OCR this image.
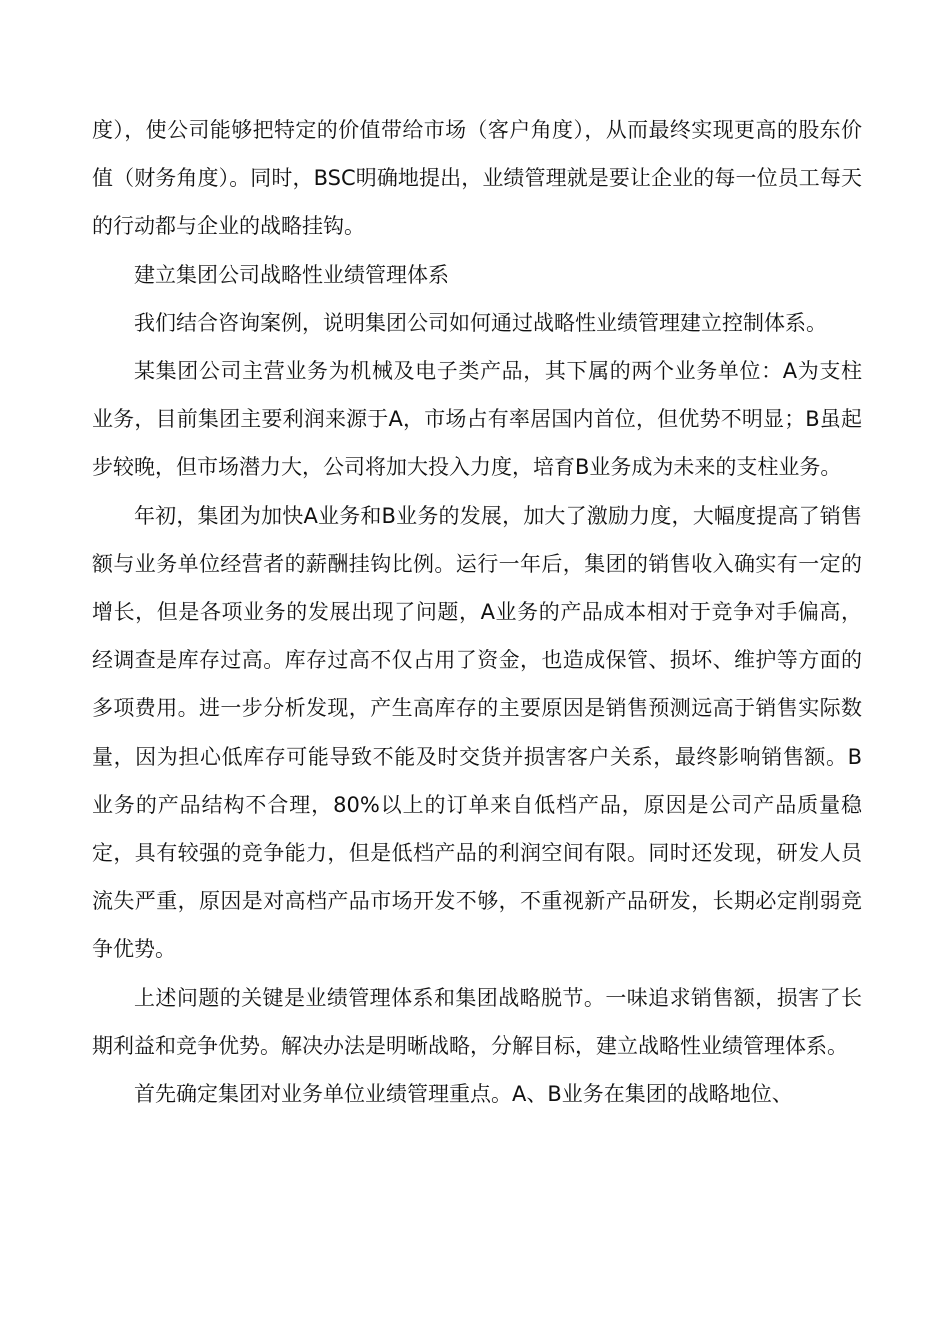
度），使公司能够把特定的价值带给市场（客户角度），从而最终实现更高的股东价值（财务角度）。同时，BSC明确地提出，业绩管理就是要让企业的每一位员工每天的行动都与企业的战略挂钩。

建立集团公司战略性业绩管理体系

我们结合咨询案例，说明集团公司如何通过战略性业绩管理建立控制体系。

某集团公司主营业务为机械及电子类产品，其下属的两个业务单位：A为支柱业务，目前集团主要利润来源于A，市场占有率居国内首位，但优势不明显；B虽起步较晚，但市场潜力大，公司将加大投入力度，培育B业务成为未来的支柱业务。

年初，集团为加快A业务和B业务的发展，加大了激励力度，大幅度提高了销售额与业务单位经营者的薪酬挂钩比例。运行一年后，集团的销售收入确实有一定的增长，但是各项业务的发展出现了问题，A业务的产品成本相对于竞争对手偏高，经调查是库存过高。库存过高不仅占用了资金，也造成保管、损坏、维护等方面的多项费用。进一步分析发现，产生高库存的主要原因是销售预测远高于销售实际数量，因为担心低库存可能导致不能及时交货并损害客户关系，最终影响销售额。B业务的产品结构不合理，80%以上的订单来自低档产品，原因是公司产品质量稳定，具有较强的竞争能力，但是低档产品的利润空间有限。同时还发现，研发人员流失严重，原因是对高档产品市场开发不够，不重视新产品研发，长期必定削弱竞争优势。

上述问题的关键是业绩管理体系和集团战略脱节。一味追求销售额，损害了长期利益和竞争优势。解决办法是明晰战略，分解目标，建立战略性业绩管理体系。

首先确定集团对业务单位业绩管理重点。A、B业务在集团的战略地位、
